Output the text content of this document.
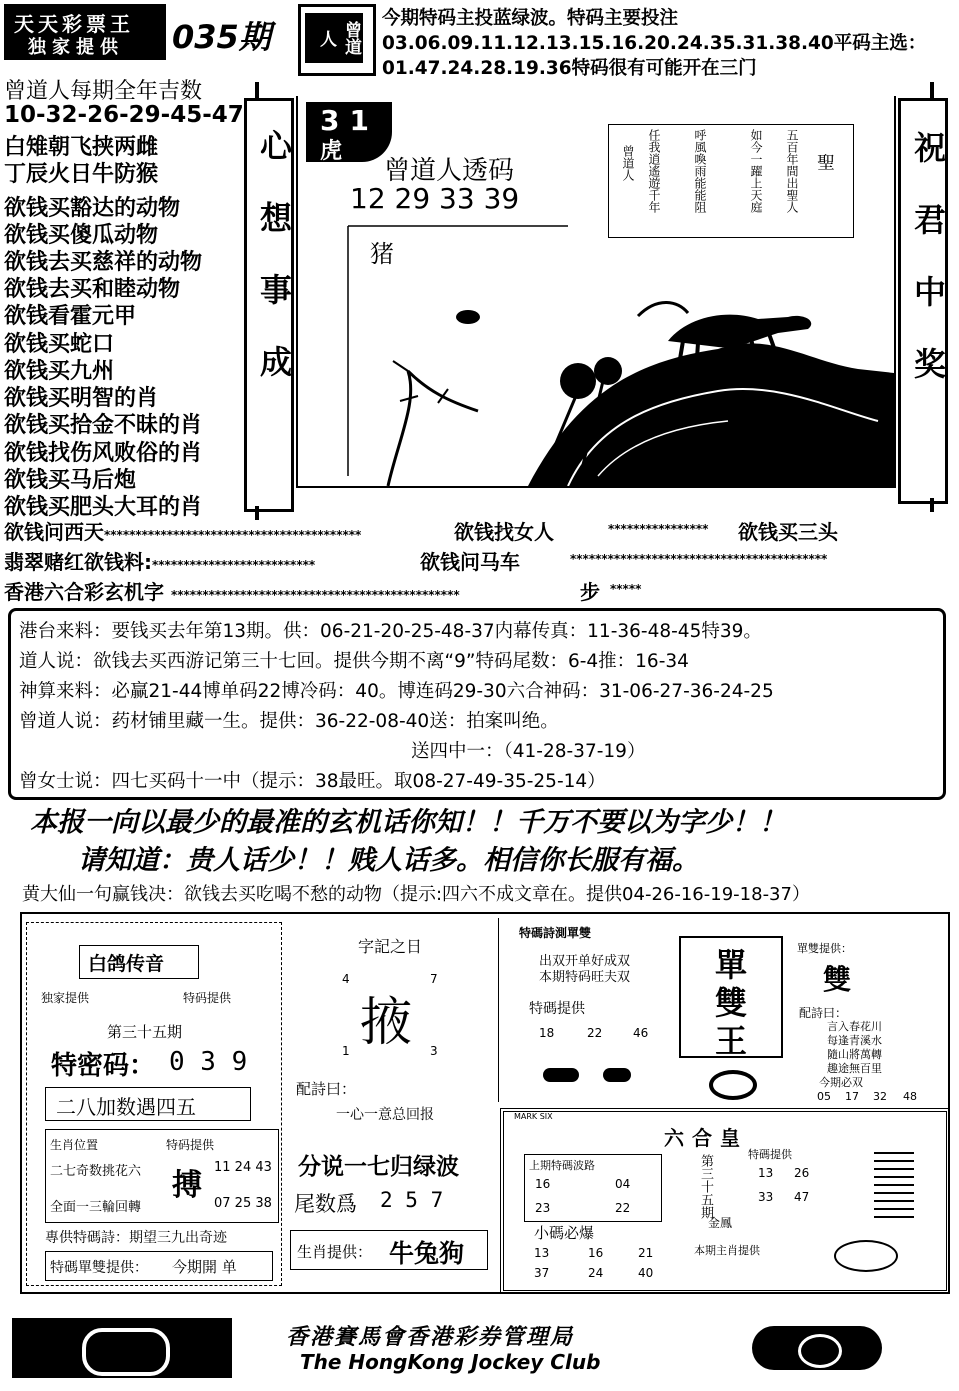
天天彩票王
独家提供 035期	曾道人
今期特码主投蓝绿波。特码主要投注03.06.09.11.12.13.15.16.20.24.35.31.38.40平码主选：01.47.24.28.19.36特码很有可能开在三门
曾道人每期全年吉数
10-32-26-29-45-47
白雉朝飞挟两雌
丁辰火日牛防猴
欲钱买豁达的动物
欲钱买傻瓜动物
欲钱去买慈祥的动物
欲钱去买和睦动物
欲钱看霍元甲
欲钱买蛇口
欲钱买九州
欲钱买明智的肖
欲钱买拾金不昧的肖
欲钱找伤风败俗的肖
欲钱买马后炮
欲钱买肥头大耳的肖
心想事成	祝君中奖
31
虎
曾道人透码
12 29 33 39
猪
聖
五百年間出聖人
如今一躍上天庭
呼風喚雨能能阻
任我逍遙遊千年
曾道人
欲钱问西天*****************************************	欲钱找女人	**************** 欲钱买三头
翡翠赌红欲钱料:**************************	欲钱问马车	*****************************************
香港六合彩玄机字 **********************************************	步 *****
港台来料：要钱买去年第13期。供：06-21-20-25-48-37内幕传真：11-36-48-45特39。
道人说：欲钱去买西游记第三十七回。提供今期不离“9”特码尾数：6-4推：16-34
神算来料：必赢21-44博单码22博冷码：40。博连码29-30六合神码：31-06-27-36-24-25
曾道人说：药材铺里藏一生。提供：36-22-08-40送：拍案叫绝。
送四中一：（41-28-37-19）
曾女士说：四七买码十一中（提示：38最旺。取08-27-49-35-25-14）
本报一向以最少的最准的玄机话你知！！千万不要以为字少！！
请知道：贵人话少！！贱人话多。相信你长服有福。
黄大仙一句赢钱决：欲钱去买吃喝不愁的动物（提示:四六不成文章在。提供04-26-16-19-18-37）
白鸽传音
独家提供	特码提供
第三十五期
特密码： 0 3 9
二八加数遇四五
生肖位置
二七奇数挑花六
全面一三輪回轉
特码提供
搏
11 24 43
07 25 38
專供特碼詩：期望三九出奇迹
特碼單雙提供： 今期開 单
字記之日
4	7
掖
1	3
配詩曰：
一心一意总回报
分说一七归绿波
尾数爲 2 5 7
生肖提供： 牛兔狗
特碼詩測單雙
出双开单好成双
本期特码旺夫双
特碼提供
18	22	46
單
雙
王
單雙提供：
雙
配詩曰：
言入春花川
每逢青溪水
隨山將萬轉
趣途無百里
今期必双
05 17 32 48
MARK SIX
六合皇
上期特碼波路
16	04
23	22	第三十五期
金鳳
特碼提供
13 26
33 47
小碼必爆
13	16	21
37	24	40
本期主肖提供
香港賽馬會香港彩券管理局
The HongKong Jockey Club
